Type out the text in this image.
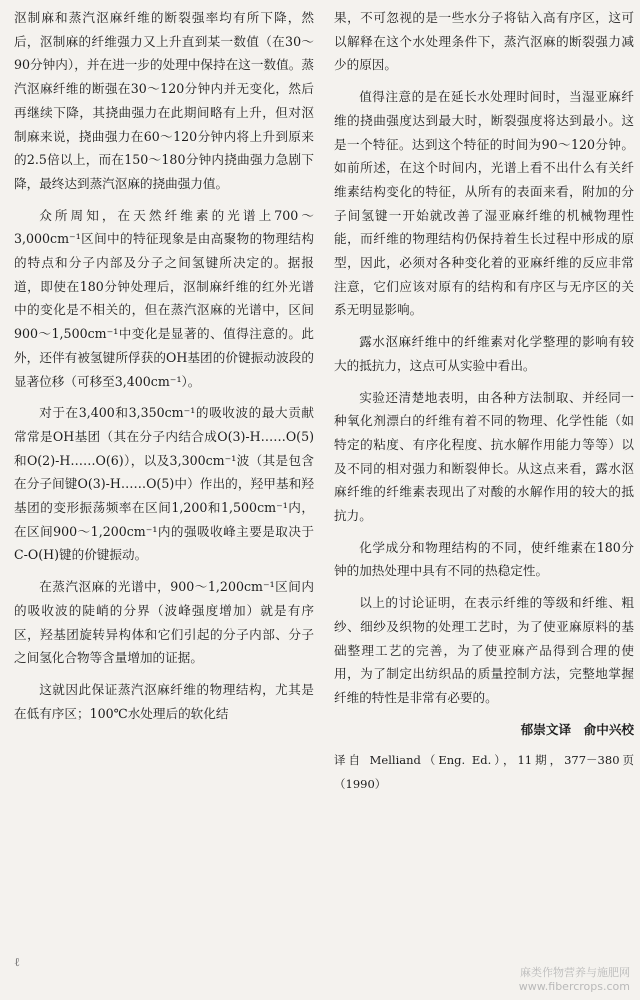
沤制麻和蒸汽沤麻纤维的断裂强率均有所下降，然后，沤制麻的纤维强力又上升直到某一数值（在30～90分钟内），并在进一步的处理中保持在这一数值。蒸汽沤麻纤维的断强在30～120分钟内并无变化，然后再继续下降，其挠曲强力在此期间略有上升，但对沤制麻来说，挠曲强力在60～120分钟内将上升到原来的2.5倍以上，而在150～180分钟内挠曲强力急剧下降，最终达到蒸汽沤麻的挠曲强力值。

众所周知，在天然纤维素的光谱上700～3,000cm⁻¹区间中的特征现象是由高聚物的物理结构的特点和分子内部及分子之间氢键所决定的。据报道，即使在180分钟处理后，沤制麻纤维的红外光谱中的变化是不相关的，但在蒸汽沤麻的光谱中，区间900～1,500cm⁻¹中变化是显著的、值得注意的。此外，还伴有被氢键所俘获的OH基团的价键振动波段的显著位移（可移至3,400cm⁻¹）。

对于在3,400和3,350cm⁻¹的吸收波的最大贡献常常是OH基团（其在分子内结合成O(3)-H……O(5)和O(2)-H……O(6)），以及3,300cm⁻¹波（其是包含在分子间键O(3)-H……O(5)中）作出的，羟甲基和羟基团的变形振荡频率在区间1,200和1,500cm⁻¹内，在区间900～1,200cm⁻¹内的强吸收峰主要是取决于C-O(H)键的价键振动。

在蒸汽沤麻的光谱中，900～1,200cm⁻¹区间内的吸收波的陡峭的分界（波峰强度增加）就是有序区，羟基团旋转异构体和它们引起的分子内部、分子之间氢化合物等含量增加的证据。

这就因此保证蒸汽沤麻纤维的物理结构，尤其是在低有序区；100℃水处理后的软化结

果，不可忽视的是一些水分子将钻入高有序区，这可以解释在这个水处理条件下，蒸汽沤麻的断裂强力减少的原因。

值得注意的是在延长水处理时间时，当湿亚麻纤维的挠曲强度达到最大时，断裂强度将达到最小。这是一个特征。达到这个特征的时间为90～120分钟。如前所述，在这个时间内，光谱上看不出什么有关纤维素结构变化的特征，从所有的表面来看，附加的分子间氢键一开始就改善了湿亚麻纤维的机械物理性能，而纤维的物理结构仍保持着生长过程中形成的原型，因此，必须对各种变化着的亚麻纤维的反应非常注意，它们应该对原有的结构和有序区与无序区的关系无明显影响。

露水沤麻纤维中的纤维素对化学整理的影响有较大的抵抗力，这点可从实验中看出。

实验还清楚地表明，由各种方法制取、并经同一种氧化剂漂白的纤维有着不同的物理、化学性能（如特定的粘度、有序化程度、抗水解作用能力等等）以及不同的相对强力和断裂伸长。从这点来看，露水沤麻纤维的纤维素表现出了对酸的水解作用的较大的抵抗力。

化学成分和物理结构的不同，使纤维素在180分钟的加热处理中具有不同的热稳定性。

以上的讨论证明，在表示纤维的等级和纤维、粗纱、细纱及织物的处理工艺时，为了使亚麻原料的基础整理工艺的完善，为了使亚麻产品得到合理的使用，为了制定出纺织品的质量控制方法，完整地掌握纤维的特性是非常有必要的。

郁崇文译　俞中兴校

译自 Melliand（Eng. Ed.），11期，377－380页（1990）

ℓ
麻类作物营养与施肥网
www.fibercrops.com
